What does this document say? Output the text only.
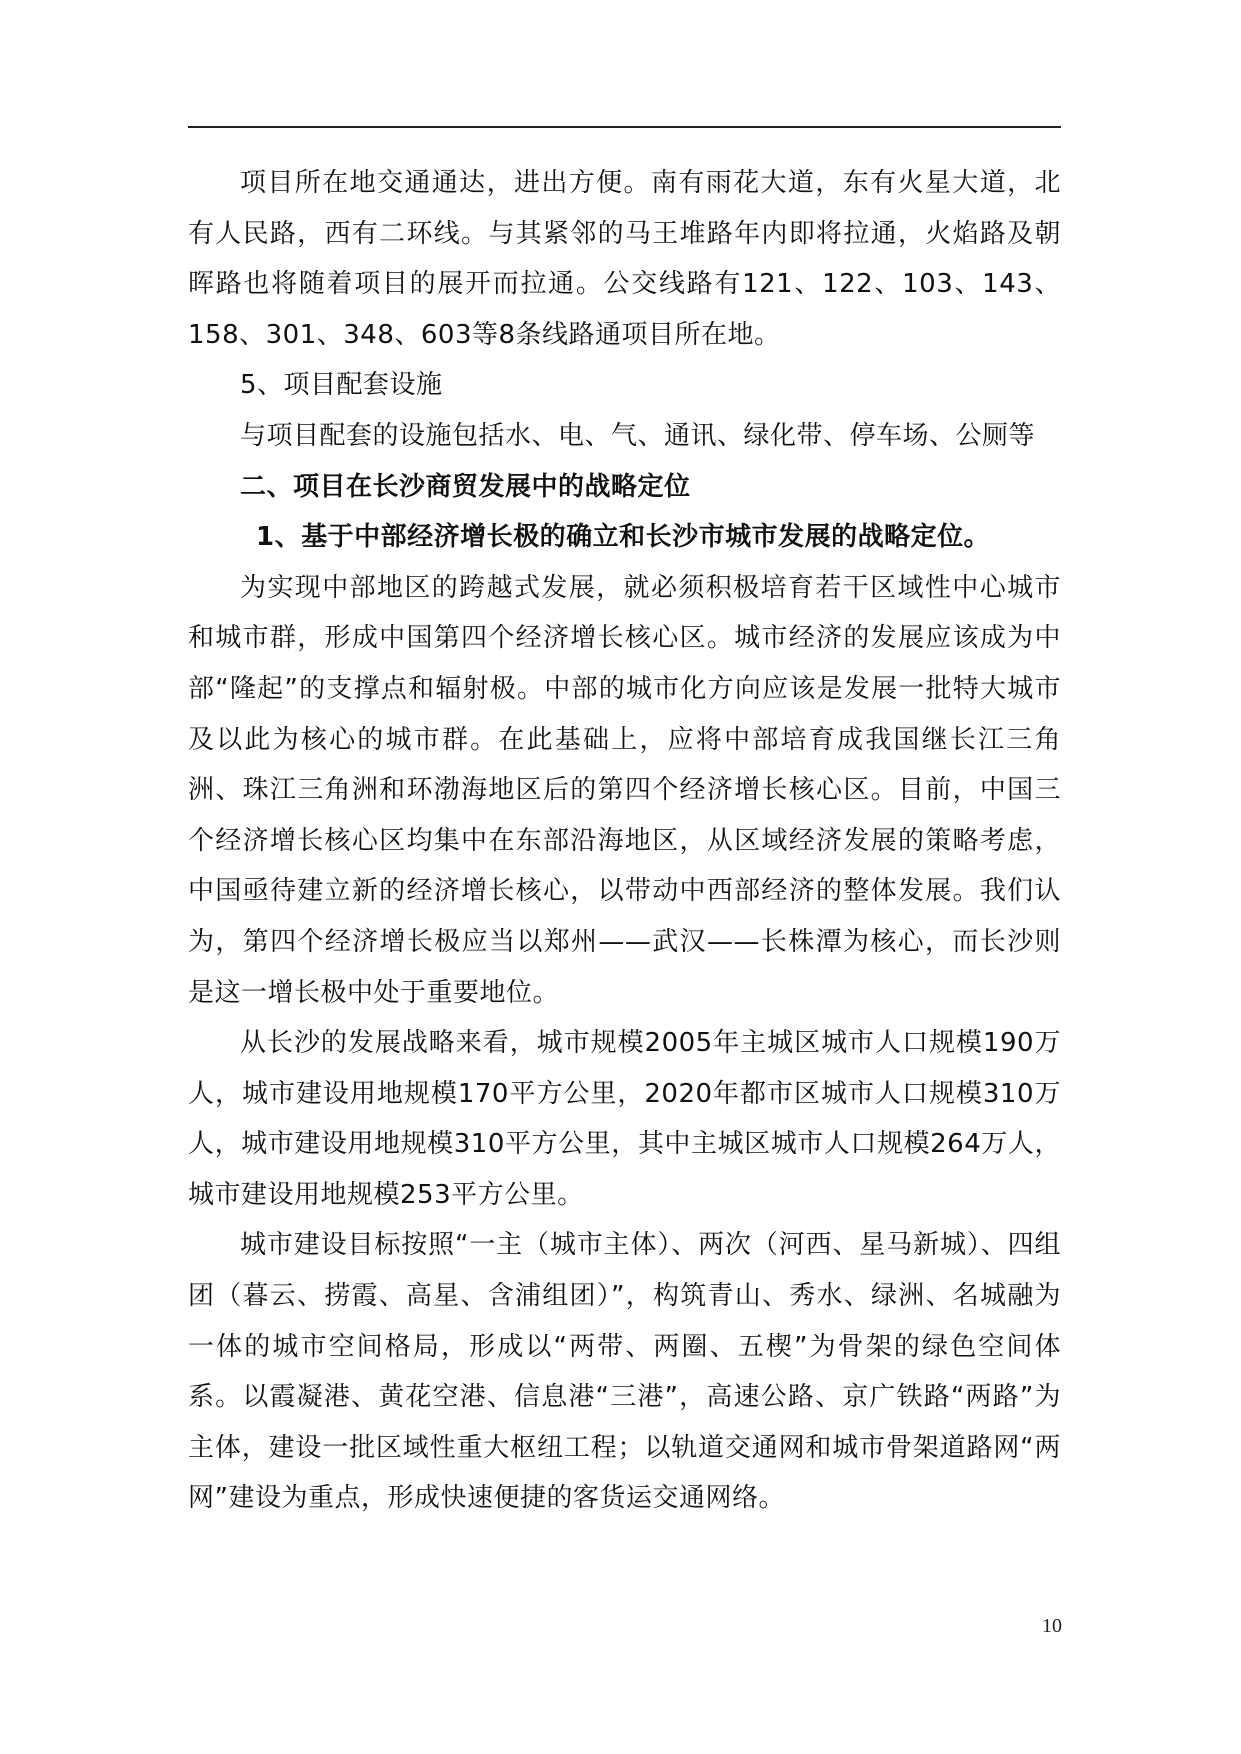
项目所在地交通通达，进出方便。南有雨花大道，东有火星大道，北有人民路，西有二环线。与其紧邻的马王堆路年内即将拉通，火焰路及朝晖路也将随着项目的展开而拉通。公交线路有121、122、103、143、158、301、348、603等8条线路通项目所在地。

5、项目配套设施

与项目配套的设施包括水、电、气、通讯、绿化带、停车场、公厕等

二、项目在长沙商贸发展中的战略定位

1、基于中部经济增长极的确立和长沙市城市发展的战略定位。

为实现中部地区的跨越式发展，就必须积极培育若干区域性中心城市和城市群，形成中国第四个经济增长核心区。城市经济的发展应该成为中部“隆起”的支撑点和辐射极。中部的城市化方向应该是发展一批特大城市及以此为核心的城市群。在此基础上，应将中部培育成我国继长江三角洲、珠江三角洲和环渤海地区后的第四个经济增长核心区。目前，中国三个经济增长核心区均集中在东部沿海地区，从区域经济发展的策略考虑，中国亟待建立新的经济增长核心，以带动中西部经济的整体发展。我们认为，第四个经济增长极应当以郑州——武汉——长株潭为核心，而长沙则是这一增长极中处于重要地位。

从长沙的发展战略来看，城市规模2005年主城区城市人口规模190万人，城市建设用地规模170平方公里，2020年都市区城市人口规模310万人，城市建设用地规模310平方公里，其中主城区城市人口规模264万人，城市建设用地规模253平方公里。

城市建设目标按照“一主（城市主体）、两次（河西、星马新城）、四组团（暮云、捞霞、高星、含浦组团）”，构筑青山、秀水、绿洲、名城融为一体的城市空间格局，形成以“两带、两圈、五楔”为骨架的绿色空间体系。以霞凝港、黄花空港、信息港“三港”，高速公路、京广铁路“两路”为主体，建设一批区域性重大枢纽工程；以轨道交通网和城市骨架道路网“两网”建设为重点，形成快速便捷的客货运交通网络。

10
